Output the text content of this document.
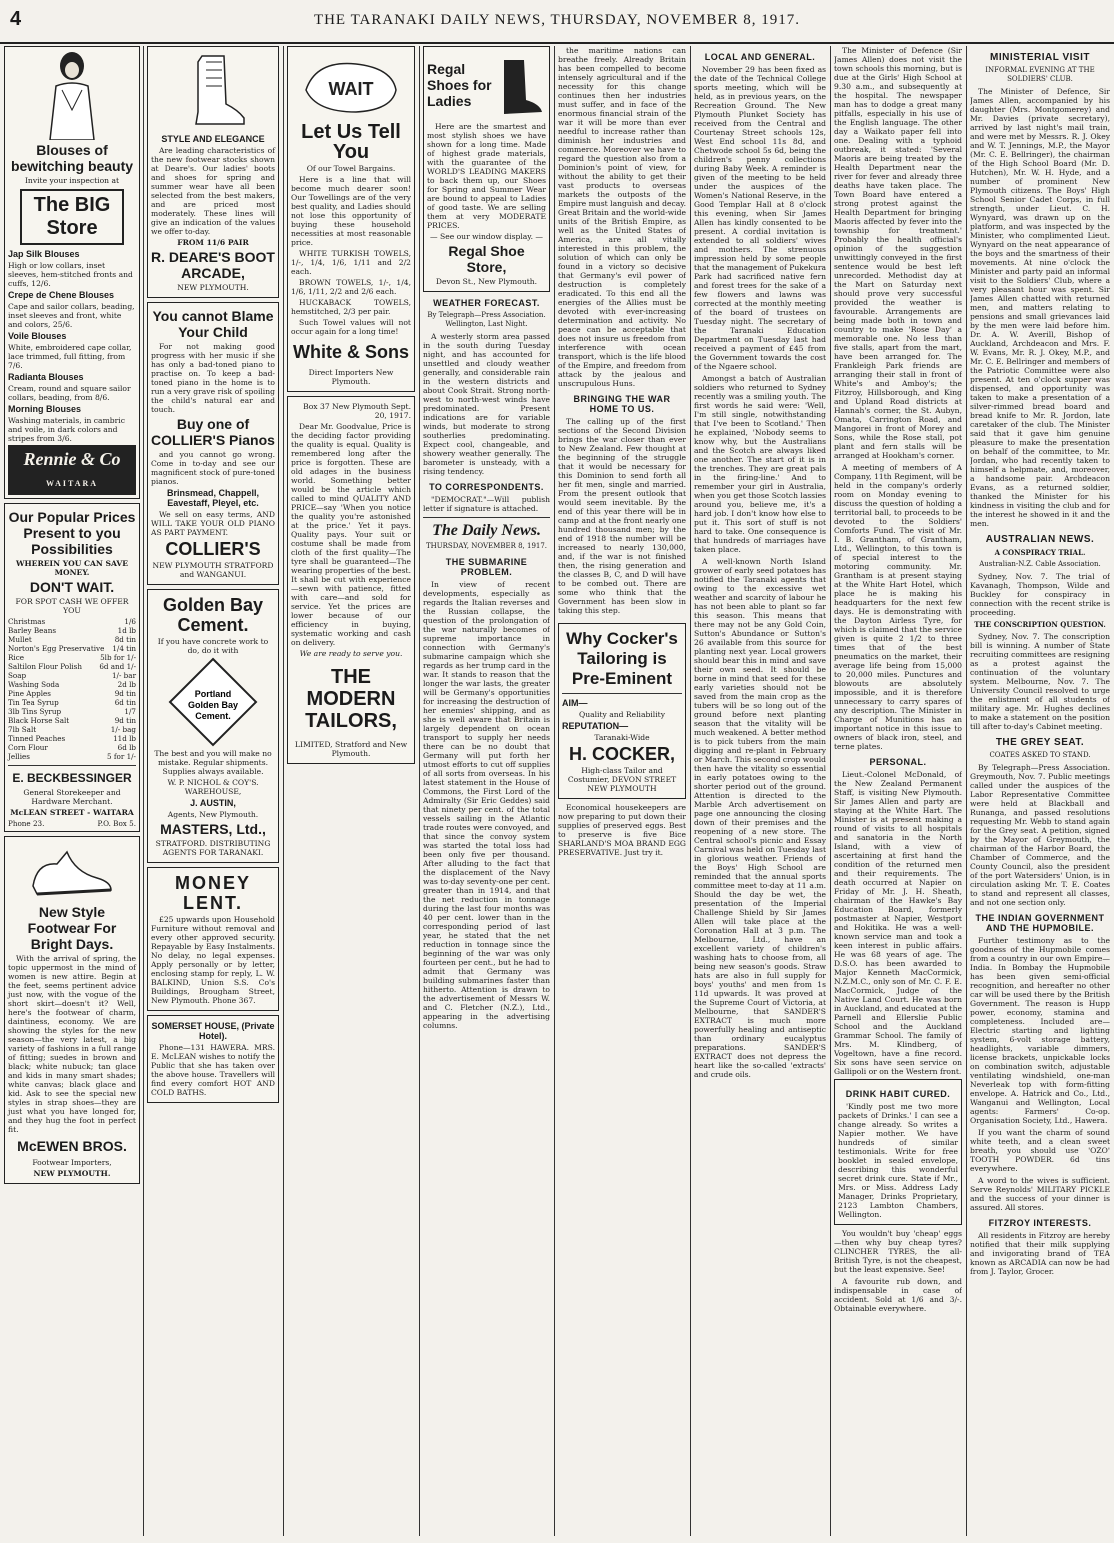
4	THE TARANAKI DAILY NEWS, THURSDAY, NOVEMBER 8, 1917.
Blouses of bewitching beauty

Invite your inspection at

The BIG Store
Jap Silk Blouses

High or low collars, inset sleeves, hem-stitched fronts and cuffs, 12/6.

Crepe de Chene Blouses

Cape and sailor collars, beading, inset sleeves and front, white and colors, 25/6.

Voile Blouses

White, embroidered cape collar, lace trimmed, full fitting, from 7/6.

Radianta Blouses

Cream, round and square sailor collars, beading, from 8/6.

Morning Blouses

Washing materials, in cambric and voile, in dark colors and stripes from 3/6.

Rennie & Co
WAITARA
Our Popular Prices Present to you Possibilities

WHEREIN YOU CAN SAVE MONEY.

DON'T WAIT.

FOR SPOT CASH WE OFFER YOU

Christmas	1/6
Barley Beans	1d lb
Mullet	8d tin
Norton's Egg Preservative 1/4 tin
Rice	5lb for 1/-
Saltilon Flour Polish 6d and 1/-
Soap	1/- bar
Washing Soda	2d lb
Pine Apples	9d tin
Tin Tea Syrup	6d tin
3lb Tins Syrup	1/7
Black Horse Salt	9d tin
7lb Salt	1/- bag
Tinned Peaches	11d lb
Corn Flour	6d lb
Jellies	5 for 1/-
E. BECKBESSINGER

General Storekeeper and Hardware Merchant.

McLEAN STREET - WAITARA

Phone 23.	P.O. Box 5.
New Style Footwear For Bright Days.

With the arrival of spring, the topic uppermost in the mind of women is new attire. Begin at the feet, seems pertinent advice just now, with the vogue of the short skirt—doesn't it? Well, here's the footwear of charm, daintiness, economy. We are showing the styles for the new season—the very latest, a big variety of fashions in a full range of fitting; suedes in brown and black; white nubuck; tan glace and kids in many smart shades; white canvas; black glace and kid. Ask to see the special new styles in strap shoes—they are just what you have longed for, and they hug the foot in perfect fit.

McEWEN BROS.

Footwear Importers,

NEW PLYMOUTH.

STYLE AND ELEGANCE

Are leading characteristics of the new footwear stocks shown at Deare's. Our ladies' boots and shoes for spring and summer wear have all been selected from the best makers, and are priced most moderately. These lines will give an indication of the values we offer to-day.

FROM 11/6 PAIR

R. DEARE'S BOOT ARCADE,

NEW PLYMOUTH.

You cannot Blame Your Child

For not making good progress with her music if she has only a bad-toned piano to practise on. To keep a bad-toned piano in the home is to run a very grave risk of spoiling the child's natural ear and touch.

Buy one of COLLIER'S Pianos

and you cannot go wrong. Come in to-day and see our magnificent stock of pure-toned pianos.

Brinsmead, Chappell, Eavestaff, Pleyel, etc.

We sell on easy terms, AND WILL TAKE YOUR OLD PIANO AS PART PAYMENT.

COLLIER'S

NEW PLYMOUTH STRATFORD and WANGANUI.

Golden Bay Cement.

If you have concrete work to do, do it with

Portland
Golden Bay
Cement.

The best and you will make no mistake. Regular shipments. Supplies always available.

W. P. NICHOL & COY'S. WAREHOUSE,

J. AUSTIN,

Agents, New Plymouth.

MASTERS, Ltd.,

STRATFORD. DISTRIBUTING AGENTS FOR TARANAKI.

MONEY LENT.

£25 upwards upon Household Furniture without removal and every other approved security. Repayable by Easy Instalments. No delay, no legal expenses. Apply personally or by letter, enclosing stamp for reply, L. W. BALKIND, Union S.S. Co's Buildings, Brougham Street, New Plymouth. Phone 367.

SOMERSET HOUSE, (Private Hotel).

Phone—131 HAWERA. MRS. E. McLEAN wishes to notify the Public that she has taken over the above house. Travellers will find every comfort HOT AND COLD BATHS.

WAIT
Let Us Tell You

Of our Towel Bargains.

Here is a line that will become much dearer soon! Our Towellings are of the very best quality, and Ladies should not lose this opportunity of buying these household necessities at most reasonable price.

WHITE TURKISH TOWELS, 1/-, 1/4, 1/6, 1/11 and 2/2 each.

BROWN TOWELS, 1/-, 1/4, 1/6, 1/11, 2/2 and 2/6 each.

HUCKABACK TOWELS, hemstitched, 2/3 per pair.

Such Towel values will not occur again for a long time!

White & Sons

Direct Importers New Plymouth.

Box 37 New Plymouth Sept. 20, 1917.

Dear Mr. Goodvalue, Price is the deciding factor providing the quality is equal. Quality is remembered long after the price is forgotten. These are old adages in the business world. Something better would be the article which called to mind QUALITY AND PRICE—say 'When you notice the quality you're astonished at the price.' Yet it pays. Quality pays. Your suit or costume shall be made from cloth of the first quality—The tyre shall be guaranteed—The wearing properties of the best. It shall be cut with experience—sewn with patience, fitted with care—and sold for service. Yet the prices are lower because of our efficiency in buying, systematic working and cash on delivery.

We are ready to serve you.

THE MODERN TAILORS,

LIMITED, Stratford and New Plymouth.

Regal Shoes for Ladies

Here are the smartest and most stylish shoes we have shown for a long time. Made of highest grade materials, with the guarantee of the WORLD'S LEADING MAKERS to back them up, our Shoes for Spring and Summer Wear are bound to appeal to Ladies of good taste. We are selling them at very MODERATE PRICES.

— See our window display. —

Regal Shoe Store,

Devon St., New Plymouth.

WEATHER FORECAST.

By Telegraph—Press Association. Wellington, Last Night.

A westerly storm area passed in the south during Tuesday night, and has accounted for unsettled and cloudy weather generally, and considerable rain in the western districts and about Cook Strait. Strong north-west to north-west winds have predominated. Present indications are for variable winds, but moderate to strong southerlies predominating. Expect cool, changeable, and showery weather generally. The barometer is unsteady, with a rising tendency.

TO CORRESPONDENTS.

"DEMOCRAT."—Will publish letter if signature is attached.

The Daily News.

THURSDAY, NOVEMBER 8, 1917.

THE SUBMARINE PROBLEM.

In view of recent developments, especially as regards the Italian reverses and the Russian collapse, the question of the prolongation of the war naturally becomes of supreme importance in connection with Germany's submarine campaign which she regards as her trump card in the war. It stands to reason that the longer the war lasts, the greater will be Germany's opportunities for increasing the destruction of her enemies' shipping, and as she is well aware that Britain is largely dependent on ocean transport to supply her needs there can be no doubt that Germany will put forth her utmost efforts to cut off supplies of all sorts from overseas. In his latest statement in the House of Commons, the First Lord of the Admiralty (Sir Eric Geddes) said that ninety per cent. of the total vessels sailing in the Atlantic trade routes were convoyed, and that since the convoy system was started the total loss had been only five per thousand. After alluding to the fact that the displacement of the Navy was to-day seventy-one per cent. greater than in 1914, and that the net reduction in tonnage during the last four months was 40 per cent. lower than in the corresponding period of last year, he stated that the net reduction in tonnage since the beginning of the war was only fourteen per cent., but he had to admit that Germany was building submarines faster than hitherto. Attention is drawn to the advertisement of Messrs W. and C. Fletcher (N.Z.), Ltd., appearing in the advertising columns.

the maritime nations can breathe freely. Already Britain has been compelled to become intensely agricultural and if the necessity for this change continues then her industries must suffer, and in face of the enormous financial strain of the war it will be more than ever needful to increase rather than diminish her industries and commerce. Moreover we have to regard the question also from a Dominion's point of view, for without the ability to get their vast products to overseas markets the outposts of the Empire must languish and decay. Great Britain and the world-wide units of the British Empire, as well as the United States of America, are all vitally interested in this problem, the solution of which can only be found in a victory so decisive that Germany's evil power of destruction is completely eradicated. To this end all the energies of the Allies must be devoted with ever-increasing determination and activity. No peace can be acceptable that does not insure us freedom from interference with ocean transport, which is the life blood of the Empire, and freedom from attack by the jealous and unscrupulous Huns.

BRINGING THE WAR HOME TO US.

The calling up of the first sections of the Second Division brings the war closer than ever to New Zealand. Few thought at the beginning of the struggle that it would be necessary for this Dominion to send forth all her fit men, single and married. From the present outlook that would seem inevitable. By the end of this year there will be in camp and at the front nearly one hundred thousand men; by the end of 1918 the number will be increased to nearly 130,000, and, if the war is not finished then, the rising generation and the classes B, C, and D will have to be combed out. There are some who think that the Government has been slow in taking this step.

Why Cocker's Tailoring is Pre-Eminent
AIM—

Quality and Reliability

REPUTATION—

Taranaki-Wide

H. COCKER,

High-class Tailor and Costumier, DEVON STREET NEW PLYMOUTH

Economical housekeepers are now preparing to put down their supplies of preserved eggs. Best to preserve is five Bice SHARLAND'S MOA BRAND EGG PRESERVATIVE. Just try it.

LOCAL AND GENERAL.

November 29 has been fixed as the date of the Technical College sports meeting, which will be held, as in previous years, on the Recreation Ground. The New Plymouth Plunket Society has received from the Central and Courtenay Street schools 12s, West End school 11s 8d, and Chetwode school 5s 6d, being the children's penny collections during Baby Week. A reminder is given of the meeting to be held under the auspices of the Women's National Reserve, in the Good Templar Hall at 8 o'clock this evening, when Sir James Allen has kindly consented to be present. A cordial invitation is extended to all soldiers' wives and mothers. The strenuous impression held by some people that the management of Pukekura Park had sacrificed native fern and forest trees for the sake of a few flowers and lawns was corrected at the monthly meeting of the board of trustees on Tuesday night. The secretary of the Taranaki Education Department on Tuesday last had received a payment of £45 from the Government towards the cost of the Ngaere school.

Amongst a batch of Australian soldiers who returned to Sydney recently was a smiling youth. The first words he said were: 'Well, I'm still single, notwithstanding that I've been to Scotland.' Then he explained, 'Nobody seems to know why, but the Australians and the Scotch are always liked one another. The start of it is in the trenches. They are great pals in the firing-line.' And to remember your girl in Australia, when you get those Scotch lassies around you, believe me, it's a hard job. I don't know how else to put it. This sort of stuff is not hard to take. One consequence is that hundreds of marriages have taken place.

A well-known North Island grower of early seed potatoes has notified the Taranaki agents that owing to the excessive wet weather and scarcity of labour he has not been able to plant so far this season. This means that there may not be any Gold Coin, Sutton's Abundance or Sutton's 26 available from this source for planting next year. Local growers should bear this in mind and save their own seed. It should be borne in mind that seed for these early varieties should not be saved from the main crop as the tubers will be so long out of the ground before next planting season that the vitality will be much weakened. A better method is to pick tubers from the main digging and re-plant in February or March. This second crop would then have the vitality so essential in early potatoes owing to the shorter period out of the ground. Attention is directed to the Marble Arch advertisement on page one announcing the closing down of their premises and the reopening of a new store. The Central school's picnic and Essay Carnival was held on Tuesday last in glorious weather. Friends of the Boys' High School are reminded that the annual sports committee meet to-day at 11 a.m. Should the day be wet, the presentation of the Imperial Challenge Shield by Sir James Allen will take place at the Coronation Hall at 3 p.m. The Melbourne, Ltd., have an excellent variety of children's washing hats to choose from, all being new season's goods. Straw hats are also in full supply for boys' youths' and men from 1s 11d upwards. It was proved at the Supreme Court of Victoria, at Melbourne, that SANDER'S EXTRACT is much more powerfully healing and antiseptic than ordinary eucalyptus preparations. SANDER'S EXTRACT does not depress the heart like the so-called 'extracts' and crude oils.

The Minister of Defence (Sir James Allen) does not visit the town schools this morning, but is due at the Girls' High School at 9.30 a.m., and subsequently at the hospital. The newspaper man has to dodge a great many pitfalls, especially in his use of the English language. The other day a Waikato paper fell into one. Dealing with a typhoid outbreak, it stated: 'Several Maoris are being treated by the Health Department near the river for fever and already three deaths have taken place. The Town Board have entered a strong protest against the Health Department for bringing Maoris affected by fever into the township for treatment.' Probably the health official's opinion of the suggestion unwittingly conveyed in the first sentence would be best left unrecorded. Methodist day at the Mart on Saturday next should prove very successful provided the weather is favourable. Arrangements are being made both in town and country to make 'Rose Day' a memorable one. No less than five stalls, apart from the mart, have been arranged for. The Frankleigh Park friends are arranging their stall in front of White's and Amboy's; the Fitzroy, Hillsborough, and King and Upland Road districts at Hannah's corner, the St. Aubyn, Omata, Carrington Road, and Mangorei in front of Morey and Sons, while the Rose stall, pot plant and fern stalls will be arranged at Hookham's corner.

A meeting of members of A Company, 11th Regiment, will be held in the company's orderly room on Monday evening to discuss the question of holding a territorial ball, to proceeds to be devoted to the Soldiers' Comforts Fund. The visit of Mr. I. B. Grantham, of Grantham, Ltd., Wellington, to this town is of special interest to the motoring community. Mr. Grantham is at present staying at the White Hart Hotel, which place he is making his headquarters for the next few days. He is demonstrating with the Dayton Airless Tyre, for which is claimed that the service given is quite 2 1/2 to three times that of the best pneumatics on the market, their average life being from 15,000 to 20,000 miles. Punctures and blowouts are absolutely impossible, and it is therefore unnecessary to carry spares of any description. The Minister in Charge of Munitions has an important notice in this issue to owners of black iron, steel, and terne plates.

PERSONAL.

Lieut.-Colonel McDonald, of the New Zealand Permanent Staff, is visiting New Plymouth. Sir James Allen and party are staying at the White Hart. The Minister is at present making a round of visits to all hospitals and sanatoria in the North Island, with a view of ascertaining at first hand the condition of the returned men and their requirements. The death occurred at Napier on Friday of Mr. J. H. Sheath, chairman of the Hawke's Bay Education Board, formerly postmaster at Napier, Westport and Hokitika. He was a well-known service man and took a keen interest in public affairs. He was 68 years of age. The D.S.O. has been awarded to Major Kenneth MacCormick, N.Z.M.C., only son of Mr. C. F. E. MacCormick, Judge of the Native Land Court. He was born in Auckland, and educated at the Parnell and Ellerslie Public School and the Auckland Grammar School. The family of Mrs. M. Klindberg, of Vogeltown, have a fine record. Six sons have seen service on Gallipoli or on the Western front.

DRINK HABIT CURED.

'Kindly post me two more packets of Drinks.' I can see a change already. So writes a Napier mother. We have hundreds of similar testimonials. Write for free booklet in sealed envelope, describing this wonderful secret drink cure. State if Mr., Mrs. or Miss. Address Lady Manager, Drinks Proprietary, 2123 Lambton Chambers, Wellington.

You wouldn't buy 'cheap' eggs—then why buy cheap tyres? CLINCHER TYRES, the all-British Tyre, is not the cheapest, but the least expensive. See!

A favourite rub down, and indispensable in case of accident. Sold at 1/6 and 3/-. Obtainable everywhere.

MINISTERIAL VISIT

INFORMAL EVENING AT THE SOLDIERS' CLUB.

The Minister of Defence, Sir James Allen, accompanied by his daughter (Mrs. Montgomerey) and Mr. Davies (private secretary), arrived by last night's mail train, and were met by Messrs. R. J. Okey and W. T. Jennings, M.P., the Mayor (Mr. C. E. Bellringer), the chairman of the High School Board (Mr. D. Hutchen), Mr. W. H. Hyde, and a number of prominent New Plymouth citizens. The Boys' High School Senior Cadet Corps, in full strength, under Lieut. C. H. Wynyard, was drawn up on the platform, and was inspected by the Minister, who complimented Lieut. Wynyard on the neat appearance of the boys and the smartness of their movements. At nine o'clock the Minister and party paid an informal visit to the Soldiers' Club, where a very pleasant hour was spent. Sir James Allen chatted with returned men, and matters relating to pensions and small grievances laid by the men were laid before him. Dr. A. W. Averill, Bishop of Auckland, Archdeacon and Mrs. F. W. Evans, Mr. R. J. Okey, M.P., and Mr. C. E. Bellringer and members of the Patriotic Committee were also present. At ten o'clock supper was dispensed, and opportunity was taken to make a presentation of a silver-rimmed bread board and bread knife to Mr. R. Jordon, late caretaker of the club. The Minister said that it gave him genuine pleasure to make the presentation on behalf of the committee, to Mr. Jordan, who had recently taken to himself a helpmate, and, moreover, a handsome pair. Archdeacon Evans, as a returned soldier, thanked the Minister for his kindness in visiting the club and for the interest he showed in it and the men.

AUSTRALIAN NEWS.

A CONSPIRACY TRIAL.

Australian-N.Z. Cable Association.

Sydney, Nov. 7. The trial of Kavanagh, Thompson, Wilde and Buckley for conspiracy in connection with the recent strike is proceeding.

THE CONSCRIPTION QUESTION.

Sydney, Nov. 7. The conscription bill is winning. A number of State recruiting committees are resigning as a protest against the continuation of the voluntary system. Melbourne, Nov. 7. The University Council resolved to urge the enlistment of all students of military age. Mr. Hughes declines to make a statement on the position till after to-day's Cabinet meeting.

THE GREY SEAT.

COATES ASKED TO STAND.

By Telegraph—Press Association. Greymouth, Nov. 7. Public meetings called under the auspices of the Labor Representative Committee were held at Blackball and Runanga, and passed resolutions requesting Mr. Webb to stand again for the Grey seat. A petition, signed by the Mayor of Greymouth, the chairman of the Harbor Board, the Chamber of Commerce, and the County Council, also the president of the port Watersiders' Union, is in circulation asking Mr. T. E. Coates to stand and represent all classes, and not one section only.

THE INDIAN GOVERNMENT AND THE HUPMOBILE.

Further testimony as to the goodness of the Hupmobile comes from a country in our own Empire—India. In Bombay the Hupmobile has been given semi-official recognition, and hereafter no other car will be used there by the British Government. The reason is Hupp power, economy, stamina and completeness. Included are—Electric starting and lighting system, 6-volt storage battery, headlights, variable dimmers, license brackets, unpickable locks on combination switch, adjustable ventilating windshield, one-man Neverleak top with form-fitting envelope. A. Hatrick and Co., Ltd., Wanganui and Wellington, Local agents: Farmers' Co-op. Organisation Society, Ltd., Hawera.

If you want the charm of sound white teeth, and a clean sweet breath, you should use 'OZO' TOOTH POWDER. 6d tins everywhere.

A word to the wives is sufficient. Serve Reynolds' MILITARY PICKLE and the success of your dinner is assured. All stores.

FITZROY INTERESTS.

All residents in Fitzroy are hereby notified that their milk supplying and invigorating brand of TEA known as ARCADIA can now be had from J. Taylor, Grocer.
